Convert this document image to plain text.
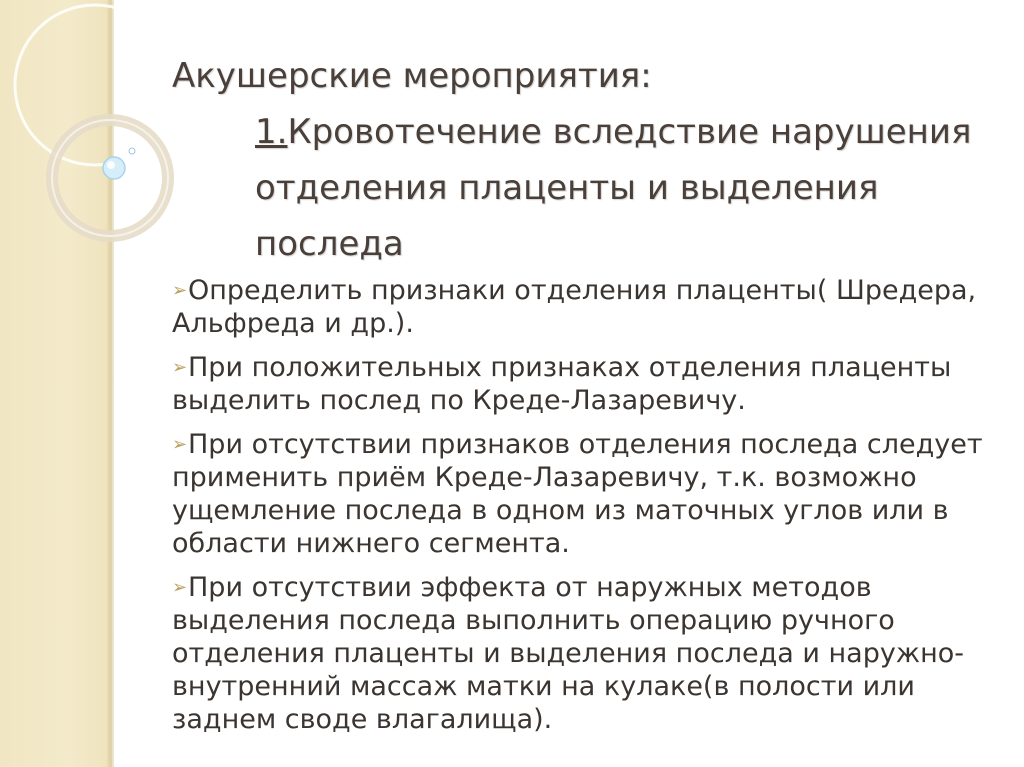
Акушерские мероприятия:
1.Кровотечение вследствие нарушения отделения плаценты и выделения последа
➢Определить признаки отделения плаценты( Шредера, Альфреда и др.).
➢При положительных признаках отделения плаценты выделить послед по Креде-Лазаревичу.
➢При отсутствии признаков отделения последа следует применить приём Креде-Лазаревичу, т.к. возможно ущемление последа в одном из маточных углов или в области нижнего сегмента.
➢При отсутствии эффекта от наружных методов выделения последа выполнить операцию ручного отделения плаценты и выделения последа и наружно-внутренний массаж матки на кулаке(в полости или заднем своде влагалища).
